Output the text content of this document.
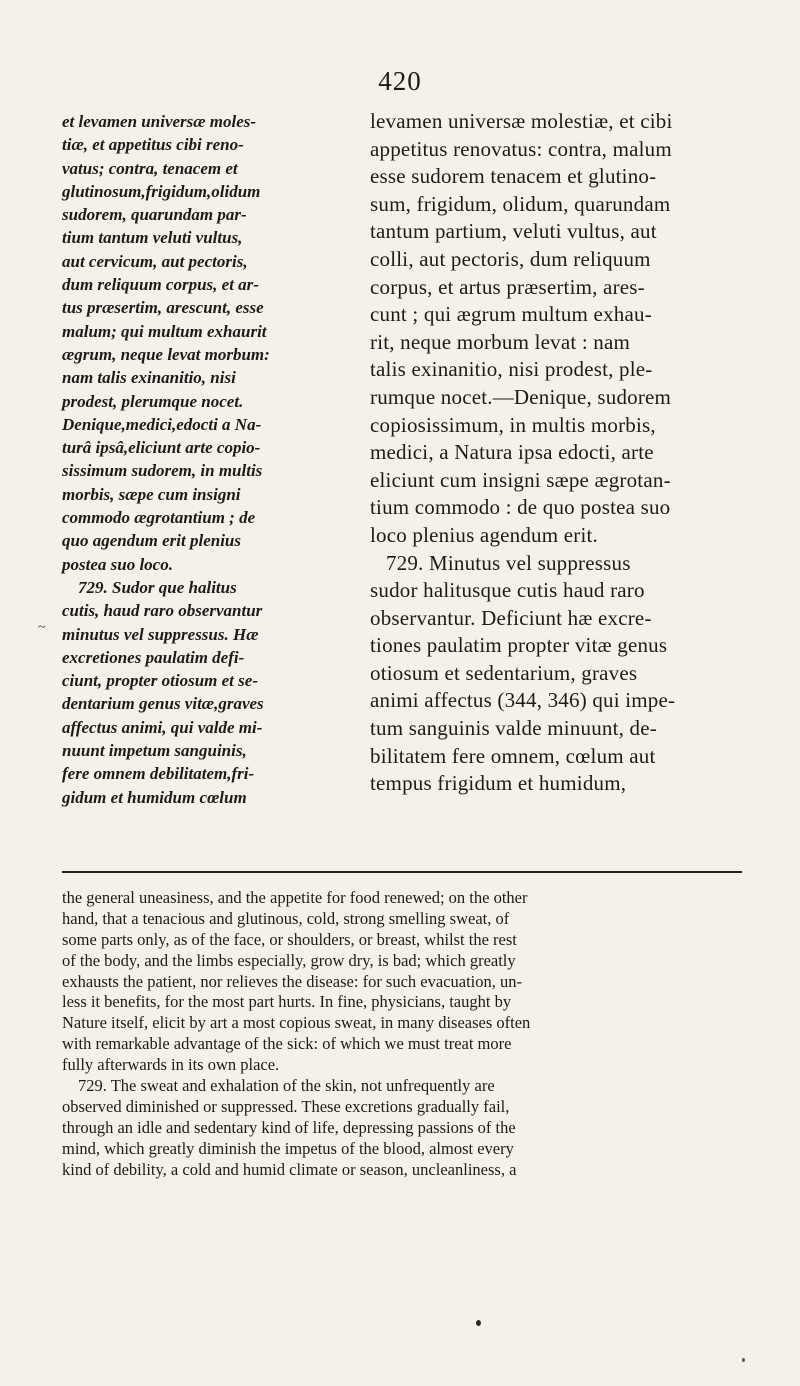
420
et levamen universæ moles-
tiæ, et appetitus cibi reno-
vatus; contra, tenacem et
glutinosum,frigidum,olidum
sudorem, quarundam par-
tium tantum veluti vultus,
aut cervicum, aut pectoris,
dum reliquum corpus, et ar-
tus præsertim, arescunt, esse
malum; qui multum exhaurit
ægrum, neque levat morbum:
nam talis exinanitio, nisi
prodest, plerumque nocet.
Denique,medici,edocti a Na-
turâ ipsâ,eliciunt arte copio-
sissimum sudorem, in multis
morbis, sæpe cum insigni
commodo ægrotantium ; de
quo agendum erit plenius
postea suo loco.
729. Sudor que halitus
cutis, haud raro observantur
minutus vel suppressus. Hæ
excretiones paulatim defi-
ciunt, propter otiosum et se-
dentarium genus vitæ,graves
affectus animi, qui valde mi-
nuunt impetum sanguinis,
fere omnem debilitatem,fri-
gidum et humidum cœlum
~
levamen universæ molestiæ, et cibi
appetitus renovatus: contra, malum
esse sudorem tenacem et glutino-
sum, frigidum, olidum, quarundam
tantum partium, veluti vultus, aut
colli, aut pectoris, dum reliquum
corpus, et artus præsertim, ares-
cunt ; qui ægrum multum exhau-
rit, neque morbum levat : nam
talis exinanitio, nisi prodest, ple-
rumque nocet.—Denique, sudorem
copiosissimum, in multis morbis,
medici, a Natura ipsa edocti, arte
eliciunt cum insigni sæpe ægrotan-
tium commodo : de quo postea suo
loco plenius agendum erit.
729. Minutus vel suppressus
sudor halitusque cutis haud raro
observantur. Deficiunt hæ excre-
tiones paulatim propter vitæ genus
otiosum et sedentarium, graves
animi affectus (344, 346) qui impe-
tum sanguinis valde minuunt, de-
bilitatem fere omnem, cœlum aut
tempus frigidum et humidum,
the general uneasiness, and the appetite for food renewed; on the other
hand, that a tenacious and glutinous, cold, strong smelling sweat, of
some parts only, as of the face, or shoulders, or breast, whilst the rest
of the body, and the limbs especially, grow dry, is bad; which greatly
exhausts the patient, nor relieves the disease: for such evacuation, un-
less it benefits, for the most part hurts. In fine, physicians, taught by
Nature itself, elicit by art a most copious sweat, in many diseases often
with remarkable advantage of the sick: of which we must treat more
fully afterwards in its own place.
729. The sweat and exhalation of the skin, not unfrequently are
observed diminished or suppressed. These excretions gradually fail,
through an idle and sedentary kind of life, depressing passions of the
mind, which greatly diminish the impetus of the blood, almost every
kind of debility, a cold and humid climate or season, uncleanliness, a
